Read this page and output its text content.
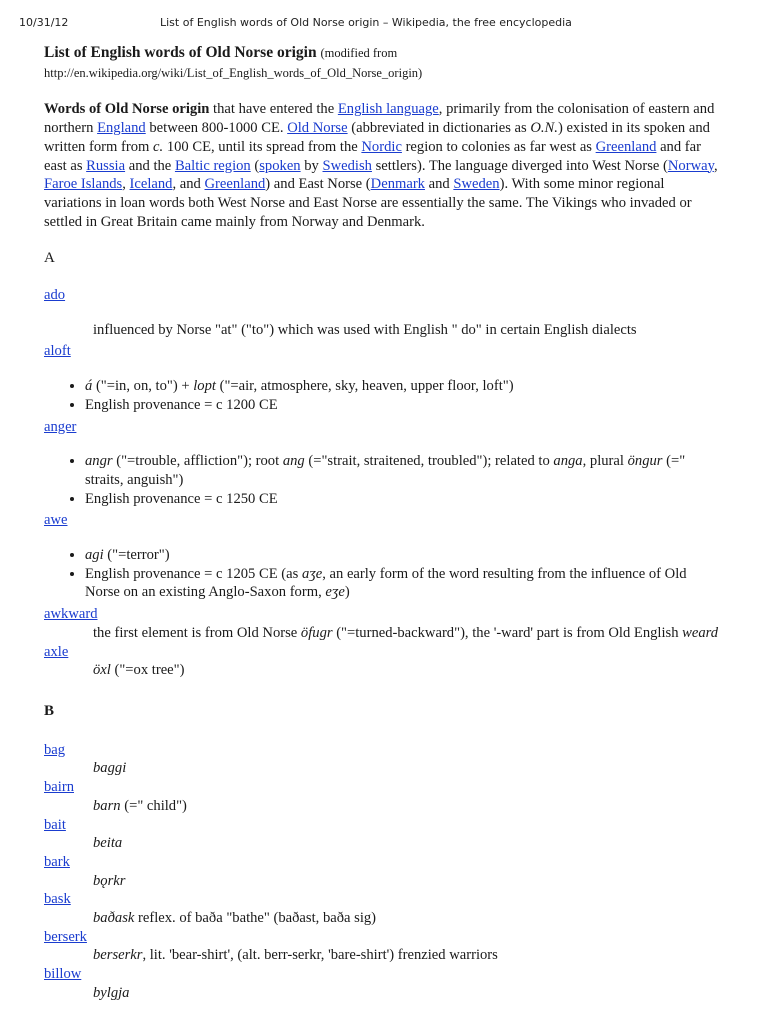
10/31/12	List of English words of Old Norse origin – Wikipedia, the free encyclopedia
List of English words of Old Norse origin (modified from
http://en.wikipedia.org/wiki/List_of_English_words_of_Old_Norse_origin)

Words of Old Norse origin that have entered the English language, primarily from the colonisation of eastern and northern England between 800-1000 CE. Old Norse (abbreviated in dictionaries as O.N.) existed in its spoken and written form from c. 100 CE, until its spread from the Nordic region to colonies as far west as Greenland and far east as Russia and the Baltic region (spoken by Swedish settlers). The language diverged into West Norse (Norway, Faroe Islands, Iceland, and Greenland) and East Norse (Denmark and Sweden). With some minor regional variations in loan words both West Norse and East Norse are essentially the same. The Vikings who invaded or settled in Great Britain came mainly from Norway and Denmark.

A
ado
influenced by Norse "at" ("to") which was used with English " do" in certain English dialects
aloft
• á ("=in, on, to") + lopt ("=air, atmosphere, sky, heaven, upper floor, loft")
• English provenance = c 1200 CE
anger
• angr ("=trouble, affliction"); root ang (="strait, straitened, troubled"); related to anga, plural öngur (=" straits, anguish")
• English provenance = c 1250 CE
awe
• agi ("=terror")
• English provenance = c 1205 CE (as aʒe, an early form of the word resulting from the influence of Old Norse on an existing Anglo-Saxon form, eʒe)
awkward
the first element is from Old Norse öfugr ("=turned-backward"), the '-ward' part is from Old English weard
axle
öxl ("=ox tree")
B
bag
baggi
bairn
barn (=" child")
bait
beita
bark
bǫrkr
bask
baðask reflex. of baða "bathe" (baðast, baða sig)
berserk
berserkr, lit. 'bear-shirt', (alt. berr-serkr, 'bare-shirt') frenzied warriors
billow
bylgja
